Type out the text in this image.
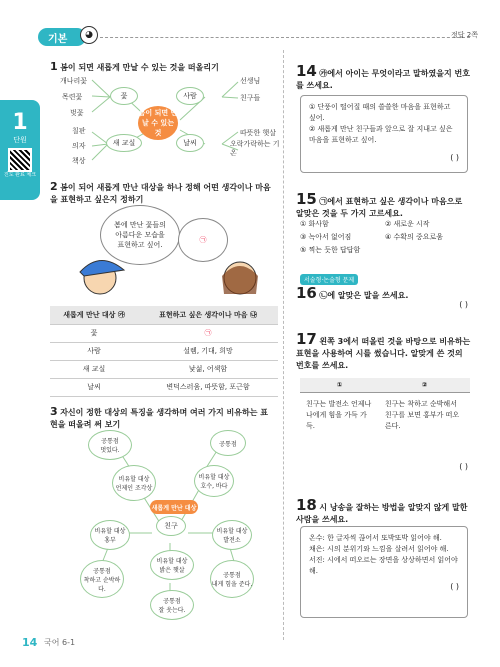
기본	◕	정답 2쪽
1
단원
진도 완료 체크
1 봄이 되면 새롭게 만날 수 있는 것을 떠올리기
봄이 되면 만날 수 있는 것
꽃	사람
새 교실	날씨
개나리꽃
목련꽃
벚꽃
선생님
친구들
칠판
의자
책상
따뜻한 햇살
오락가락하는 기온
2 봄이 되어 새롭게 만난 대상을 하나 정해 어떤 생각이나 마음을 표현하고 싶은지 정하기
봄에 만난 꽃들의 아름다운 모습을 표현하고 싶어.
㉠
새롭게 만난 대상 ㉮	표현하고 싶은 생각이나 마음 ㉯
꽃	㉠
사람	설렘, 기대, 희망
새 교실	낯섦, 어색함
날씨	변덕스러움, 따뜻함, 포근함
3 자신이 정한 대상의 특징을 생각하며 여러 가지 비유하는 표현을 떠올려 써 보기
새롭게 만난 대상
친구
비유할 대상
언제인 조각상
비유할 대상
호수, 바다
비유할 대상
홍부
비유할 대상
발전소
비유할 대상
밝은 햇살
공통점
멋있다.
공통점
공통점
착하고 순박하다.
공통점
내게 힘을 준다.
공통점
잘 웃는다.
14 ㉮에서 아이는 무엇이라고 말하였을지 번호를 쓰세요.
① 단풍이 떨어질 때의 쓸쓸한 마음을 표현하고 싶어.
② 새롭게 만난 친구들과 앞으로 잘 지내고 싶은 마음을 표현하고 싶어.
( )
15 ㉠에서 표현하고 싶은 생각이나 마음으로 알맞은 것을 두 가지 고르세요.
① 화사함	② 새로운 시작
③ 녹아서 없어짐	④ 수확의 중요로움
⑤ 찍는 듯한 답답함
서술형·논술형 문제
16 ㉡에 알맞은 말을 쓰세요.
( )
17 왼쪽 3에서 떠올린 것을 바탕으로 비유하는 표현을 사용하여 시를 썼습니다. 알맞게 쓴 것의 번호를 쓰세요.
①	②
친구는 발전소 언제나 나에게 힘을 가득 가득.	친구는 착하고 순박해서 친구를 보면 홍부가 떠오른다.
( )
18 시 낭송을 잘하는 방법을 알맞지 않게 말한 사람을 쓰세요.
온수: 한 글자씩 끊어서 또박또박 읽어야 해.
채은: 시의 분위기와 느낌을 살려서 읽어야 해.
서진: 시에서 떠오르는 장면을 상상하면서 읽어야 해.
( )
14 국어 6-1
